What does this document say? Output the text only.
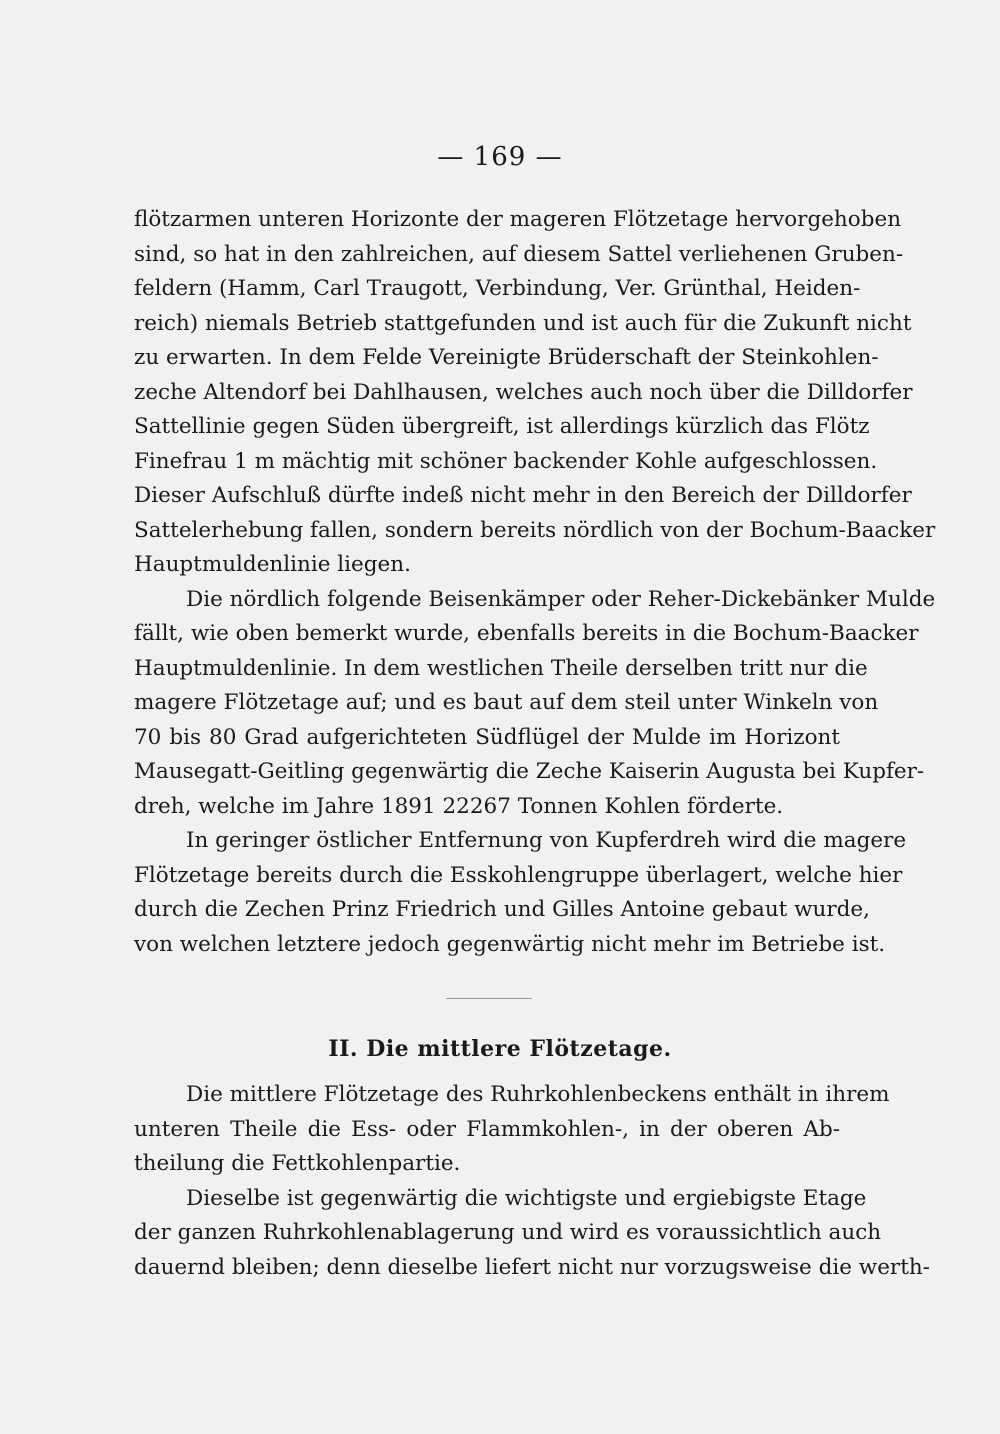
— 169 —
flötzarmen unteren Horizonte der mageren Flötzetage hervorgehoben
sind, so hat in den zahlreichen, auf diesem Sattel verliehenen Gruben-
feldern (Hamm, Carl Traugott, Verbindung, Ver. Grünthal, Heiden-
reich) niemals Betrieb stattgefunden und ist auch für die Zukunft nicht
zu erwarten. In dem Felde Vereinigte Brüderschaft der Steinkohlen-
zeche Altendorf bei Dahlhausen, welches auch noch über die Dilldorfer
Sattellinie gegen Süden übergreift, ist allerdings kürzlich das Flötz
Finefrau 1 m mächtig mit schöner backender Kohle aufgeschlossen.
Dieser Aufschluß dürfte indeß nicht mehr in den Bereich der Dilldorfer
Sattelerhebung fallen, sondern bereits nördlich von der Bochum-Baacker
Hauptmuldenlinie liegen.
Die nördlich folgende Beisenkämper oder Reher-Dickebänker Mulde
fällt, wie oben bemerkt wurde, ebenfalls bereits in die Bochum-Baacker
Hauptmuldenlinie. In dem westlichen Theile derselben tritt nur die
magere Flötzetage auf; und es baut auf dem steil unter Winkeln von
70 bis 80 Grad aufgerichteten Südflügel der Mulde im Horizont
Mausegatt-Geitling gegenwärtig die Zeche Kaiserin Augusta bei Kupfer-
dreh, welche im Jahre 1891 22267 Tonnen Kohlen förderte.
In geringer östlicher Entfernung von Kupferdreh wird die magere
Flötzetage bereits durch die Esskohlengruppe überlagert, welche hier
durch die Zechen Prinz Friedrich und Gilles Antoine gebaut wurde,
von welchen letztere jedoch gegenwärtig nicht mehr im Betriebe ist.
II. Die mittlere Flötzetage.
Die mittlere Flötzetage des Ruhrkohlenbeckens enthält in ihrem
unteren Theile die Ess- oder Flammkohlen-, in der oberen Ab-
theilung die Fettkohlenpartie.
Dieselbe ist gegenwärtig die wichtigste und ergiebigste Etage
der ganzen Ruhrkohlenablagerung und wird es voraussichtlich auch
dauernd bleiben; denn dieselbe liefert nicht nur vorzugsweise die werth-
